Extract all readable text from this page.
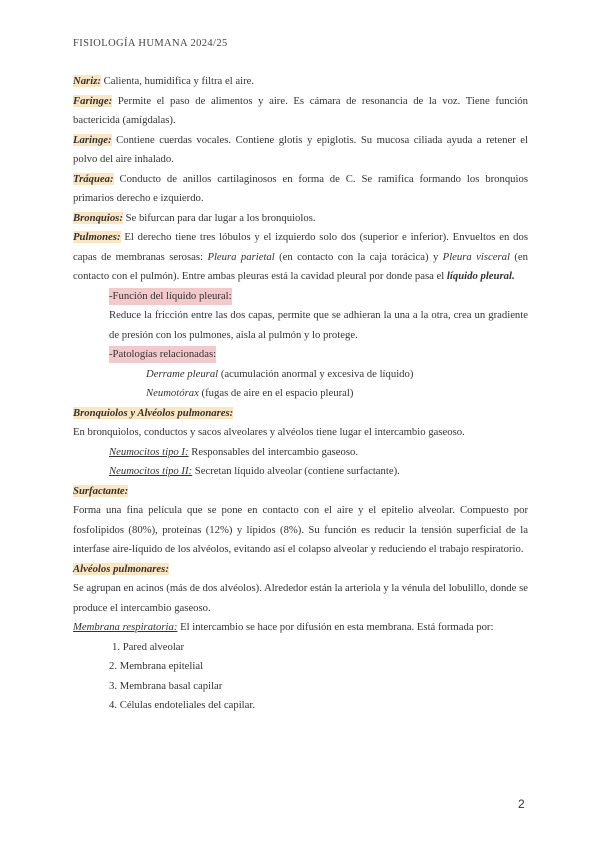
FISIOLOGÍA HUMANA 2024/25

Nariz: Calienta, humidifica y filtra el aire.

Faringe: Permite el paso de alimentos y aire. Es cámara de resonancia de la voz. Tiene función bactericida (amígdalas).

Laringe: Contiene cuerdas vocales. Contiene glotis y epiglotis. Su mucosa ciliada ayuda a retener el polvo del aire inhalado.

Tráquea: Conducto de anillos cartilaginosos en forma de C. Se ramifica formando los bronquios primarios derecho e izquierdo.

Bronquios: Se bifurcan para dar lugar a los bronquiolos.

Pulmones: El derecho tiene tres lóbulos y el izquierdo solo dos (superior e inferior). Envueltos en dos capas de membranas serosas: Pleura parietal (en contacto con la caja torácica) y Pleura visceral (en contacto con el pulmón). Entre ambas pleuras está la cavidad pleural por donde pasa el líquido pleural.

-Función del líquido pleural:

Reduce la fricción entre las dos capas, permite que se adhieran la una a la otra, crea un gradiente de presión con los pulmones, aisla al pulmón y lo protege.

-Patologías relacionadas:
Derrame pleural (acumulación anormal y excesiva de líquido)
Neumotórax (fugas de aire en el espacio pleural)
Bronquiolos y Alvéolos pulmonares:

En bronquiolos, conductos y sacos alveolares y alvéolos tiene lugar el intercambio gaseoso.

Neumocitos tipo I: Responsables del intercambio gaseoso.
Neumocitos tipo II: Secretan líquido alveolar (contiene surfactante).
Surfactante:

Forma una fina película que se pone en contacto con el aire y el epitelio alveolar. Compuesto por fosfolípidos (80%), proteínas (12%) y lípidos (8%). Su función es reducir la tensión superficial de la interfase aire-líquido de los alvéolos, evitando así el colapso alveolar y reduciendo el trabajo respiratorio.

Alvéolos pulmonares:

Se agrupan en acinos (más de dos alvéolos). Alrededor están la arteriola y la vénula del lobulillo, donde se produce el intercambio gaseoso.

Membrana respiratoria: El intercambio se hace por difusión en esta membrana. Está formada por:
1. Pared alveolar
2. Membrana epitelial
3. Membrana basal capilar
4. Células endoteliales del capilar.
2
